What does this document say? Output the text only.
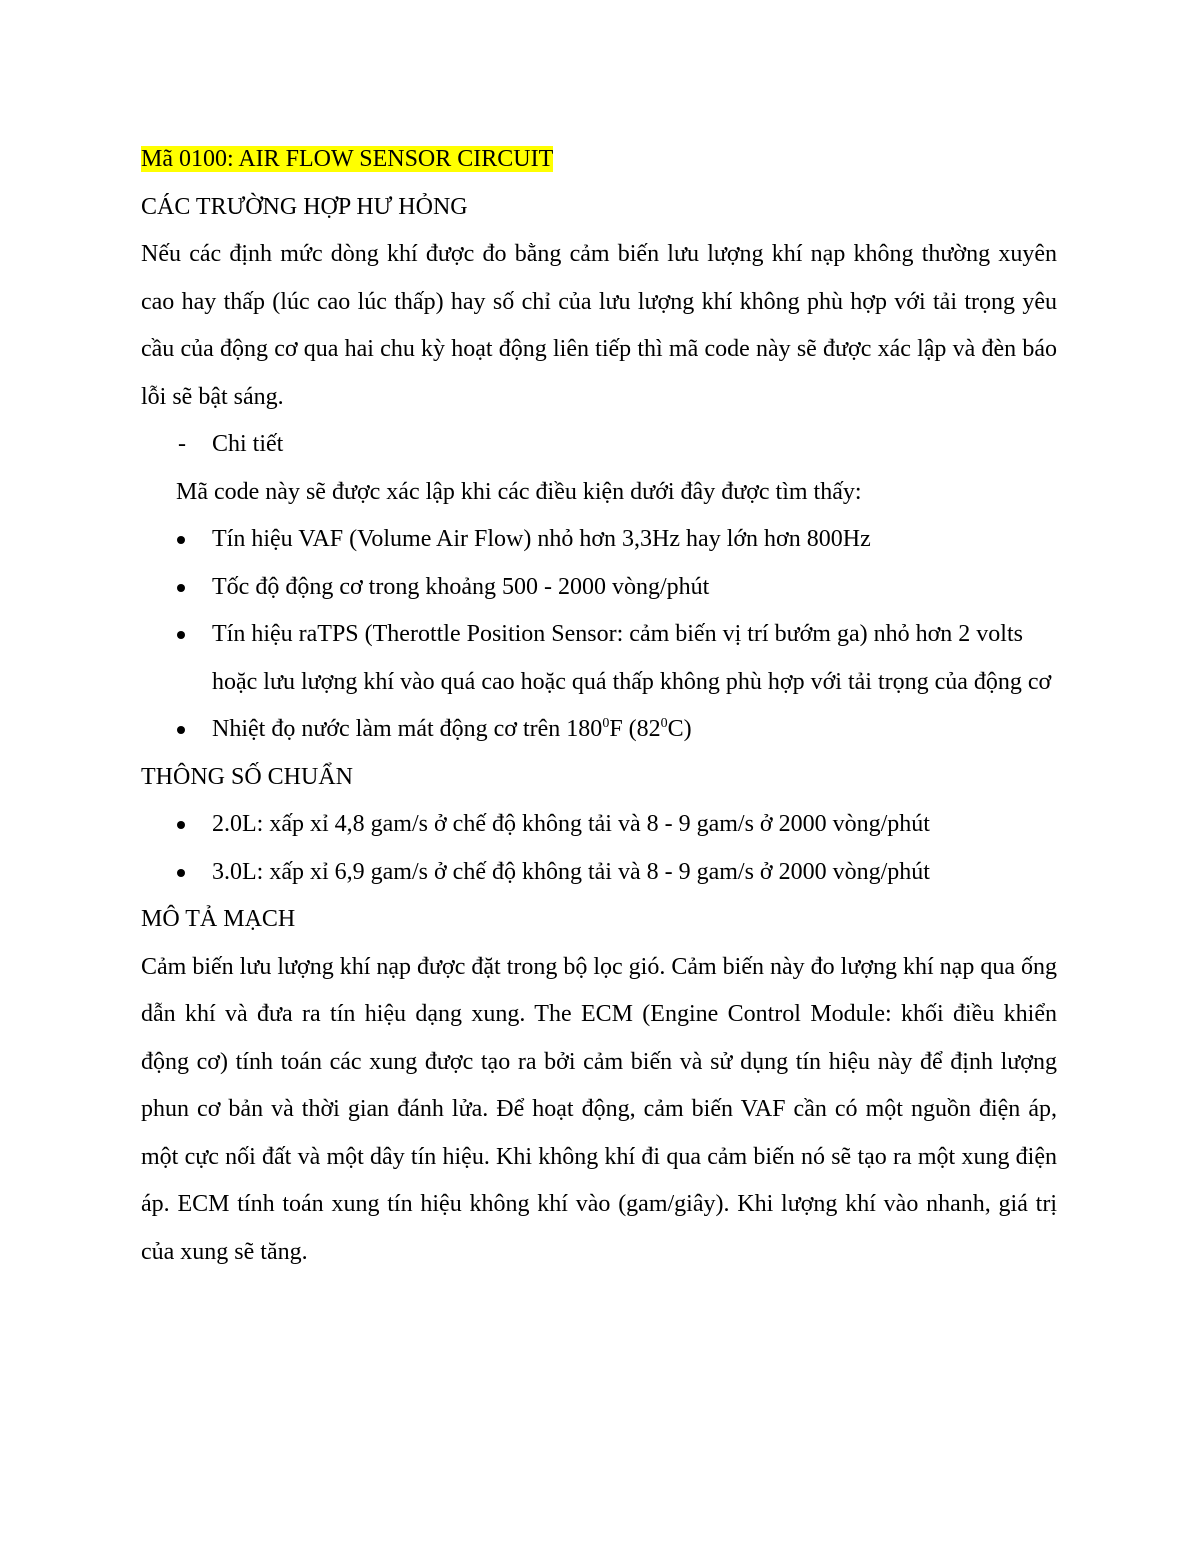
Mã 0100: AIR FLOW SENSOR CIRCUIT
CÁC TRƯỜNG HỢP HƯ HỎNG

Nếu các định mức dòng khí được đo bằng cảm biến lưu lượng khí nạp không thường xuyên cao hay thấp (lúc cao lúc thấp) hay số chỉ của lưu lượng khí không phù hợp với tải trọng yêu cầu của động cơ qua hai chu kỳ hoạt động liên tiếp thì mã code này sẽ được xác lập và đèn báo lỗi sẽ bật sáng.

-	Chi tiết

Mã code này sẽ được xác lập khi các điều kiện dưới đây được tìm thấy:

Tín hiệu VAF (Volume Air Flow) nhỏ hơn 3,3Hz hay lớn hơn 800Hz
Tốc độ động cơ trong khoảng 500 - 2000 vòng/phút
Tín hiệu raTPS (Therottle Position Sensor: cảm biến vị trí bướm ga) nhỏ hơn 2 volts hoặc lưu lượng khí vào quá cao hoặc quá thấp không phù hợp với tải trọng của động cơ
Nhiệt đọ nước làm mát động cơ trên $180^0F$ $(82^0C)$
THÔNG SỐ CHUẨN
2.0L: xấp xỉ 4,8 gam/s ở chế độ không tải và 8 - 9 gam/s ở 2000 vòng/phút
3.0L: xấp xỉ 6,9 gam/s ở chế độ không tải và 8 - 9 gam/s ở 2000 vòng/phút
MÔ TẢ MẠCH

Cảm biến lưu lượng khí nạp được đặt trong bộ lọc gió. Cảm biến này đo lượng khí nạp qua ống dẫn khí và đưa ra tín hiệu dạng xung. The ECM (Engine Control Module: khối điều khiển động cơ) tính toán các xung được tạo ra bởi cảm biến và sử dụng tín hiệu này để định lượng phun cơ bản và thời gian đánh lửa. Để hoạt động, cảm biến VAF cần có một nguồn điện áp, một cực nối đất và một dây tín hiệu. Khi không khí đi qua cảm biến nó sẽ tạo ra một xung điện áp. ECM tính toán xung tín hiệu không khí vào (gam/giây). Khi lượng khí vào nhanh, giá trị của xung sẽ tăng.
